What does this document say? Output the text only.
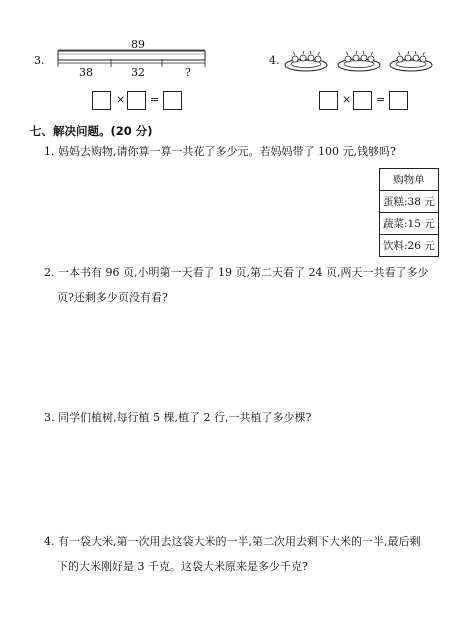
3.
89
38	32	?
× =
4.
× =
七、解决问题。(20 分)
1. 妈妈去购物,请你算一算一共花了多少元。若妈妈带了 100 元,钱够吗?
购物单
蛋糕:38 元
蔬菜:15 元
饮料:26 元
2. 一本书有 96 页,小明第一天看了 19 页,第二天看了 24 页,两天一共看了多少
页?还剩多少页没有看?
3. 同学们植树,每行植 5 棵,植了 2 行,一共植了多少棵?
4. 有一袋大米,第一次用去这袋大米的一半,第二次用去剩下大米的一半,最后剩
下的大米刚好是 3 千克。这袋大米原来是多少千克?
